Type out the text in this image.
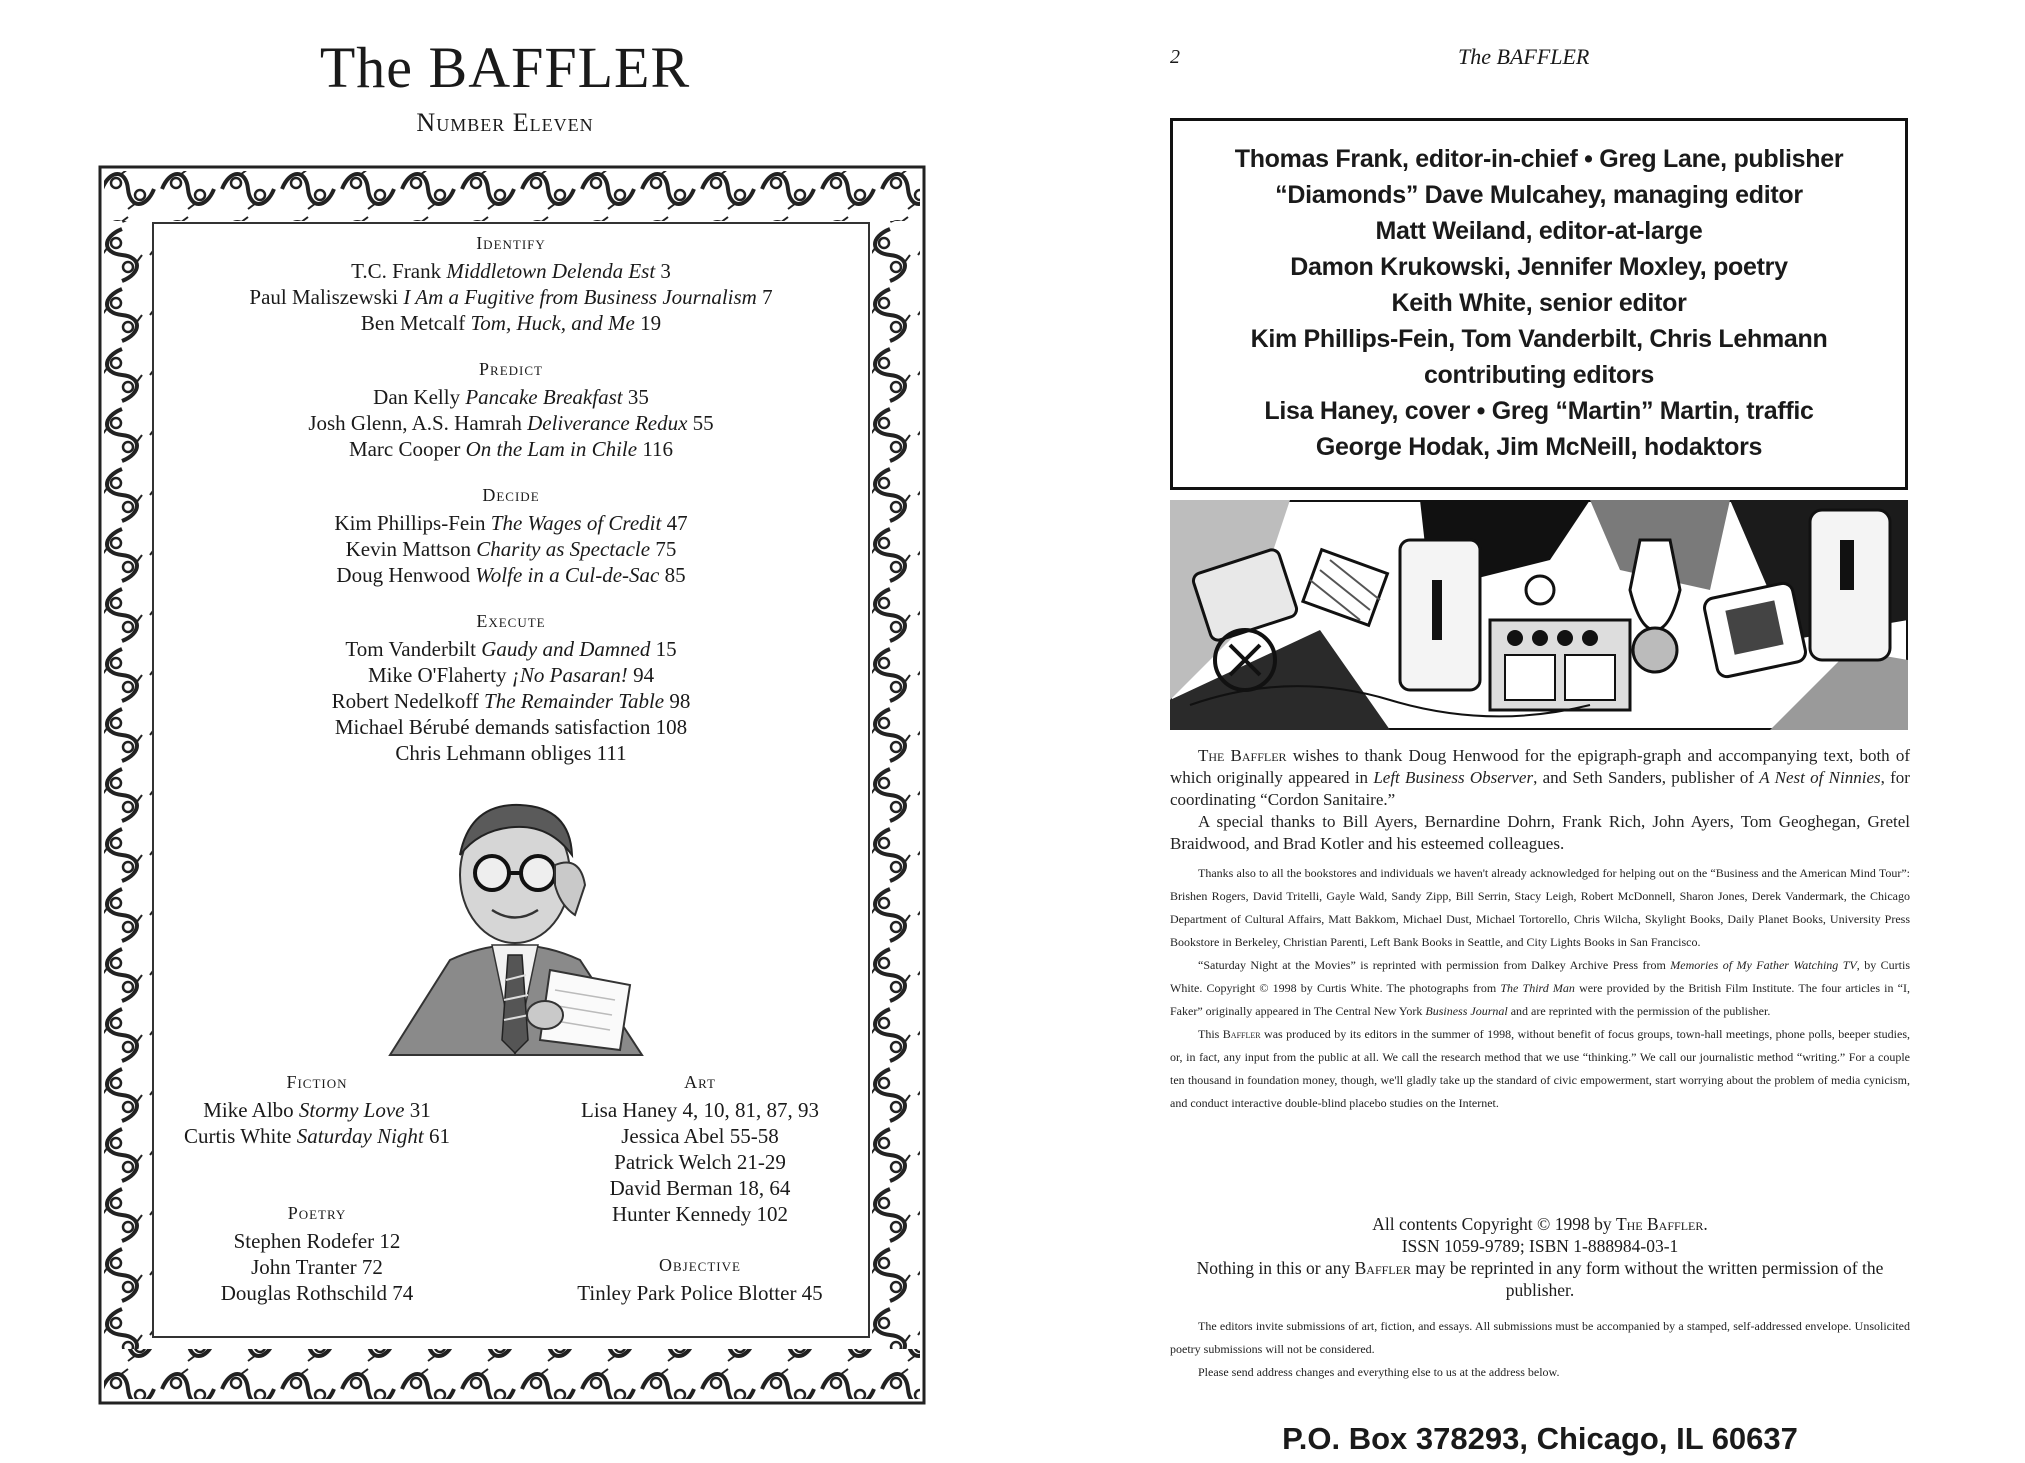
The BAFFLER
Number Eleven
Identify
T.C. Frank Middletown Delenda Est 3
Paul Maliszewski I Am a Fugitive from Business Journalism 7
Ben Metcalf Tom, Huck, and Me 19
Predict
Dan Kelly Pancake Breakfast 35
Josh Glenn, A.S. Hamrah Deliverance Redux 55
Marc Cooper On the Lam in Chile 116
Decide
Kim Phillips-Fein The Wages of Credit 47
Kevin Mattson Charity as Spectacle 75
Doug Henwood Wolfe in a Cul-de-Sac 85
Execute
Tom Vanderbilt Gaudy and Damned 15
Mike O'Flaherty ¡No Pasaran! 94
Robert Nedelkoff The Remainder Table 98
Michael Bérubé demands satisfaction 108
Chris Lehmann obliges 111
Fiction
Mike Albo Stormy Love 31
Curtis White Saturday Night 61
Poetry
Stephen Rodefer 12
John Tranter 72
Douglas Rothschild 74
Art
Lisa Haney 4, 10, 81, 87, 93
Jessica Abel 55-58
Patrick Welch 21-29
David Berman 18, 64
Hunter Kennedy 102
Objective
Tinley Park Police Blotter 45
2	The BAFFLER
Thomas Frank, editor-in-chief • Greg Lane, publisher
“Diamonds” Dave Mulcahey, managing editor
Matt Weiland, editor-at-large
Damon Krukowski, Jennifer Moxley, poetry
Keith White, senior editor
Kim Phillips-Fein, Tom Vanderbilt, Chris Lehmann
contributing editors
Lisa Haney, cover • Greg “Martin” Martin, traffic
George Hodak, Jim McNeill, hodaktors

The Baffler wishes to thank Doug Henwood for the epigraph-graph and accompanying text, both of which originally appeared in Left Business Observer, and Seth Sanders, publisher of A Nest of Ninnies, for coordinating “Cordon Sanitaire.”

A special thanks to Bill Ayers, Bernardine Dohrn, Frank Rich, John Ayers, Tom Geoghegan, Gretel Braidwood, and Brad Kotler and his esteemed colleagues.

Thanks also to all the bookstores and individuals we haven't already acknowledged for helping out on the “Business and the American Mind Tour”: Brishen Rogers, David Tritelli, Gayle Wald, Sandy Zipp, Bill Serrin, Stacy Leigh, Robert McDonnell, Sharon Jones, Derek Vandermark, the Chicago Department of Cultural Affairs, Matt Bakkom, Michael Dust, Michael Tortorello, Chris Wilcha, Skylight Books, Daily Planet Books, University Press Bookstore in Berkeley, Christian Parenti, Left Bank Books in Seattle, and City Lights Books in San Francisco.

“Saturday Night at the Movies” is reprinted with permission from Dalkey Archive Press from Memories of My Father Watching TV, by Curtis White. Copyright © 1998 by Curtis White. The photographs from The Third Man were provided by the British Film Institute. The four articles in “I, Faker” originally appeared in The Central New York Business Journal and are reprinted with the permission of the publisher.

This Baffler was produced by its editors in the summer of 1998, without benefit of focus groups, town-hall meetings, phone polls, beeper studies, or, in fact, any input from the public at all. We call the research method that we use “thinking.” We call our journalistic method “writing.” For a couple ten thousand in foundation money, though, we'll gladly take up the standard of civic empowerment, start worrying about the problem of media cynicism, and conduct interactive double-blind placebo studies on the Internet.

All contents Copyright © 1998 by The Baffler.
ISSN 1059-9789; ISBN 1-888984-03-1
Nothing in this or any Baffler may be reprinted in any form without the written permission of the publisher.

The editors invite submissions of art, fiction, and essays. All submissions must be accompanied by a stamped, self-addressed envelope. Unsolicited poetry submissions will not be considered.

Please send address changes and everything else to us at the address below.

P.O. Box 378293, Chicago, IL 60637
